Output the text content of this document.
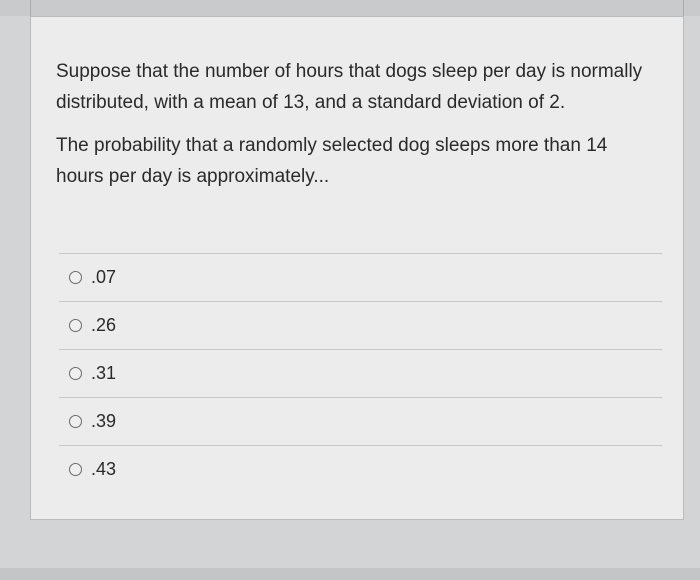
Suppose that the number of hours that dogs sleep per day is normally distributed, with a mean of 13, and a standard deviation of 2.

The probability that a randomly selected dog sleeps more than 14 hours per day is approximately...

.07
.26
.31
.39
.43
